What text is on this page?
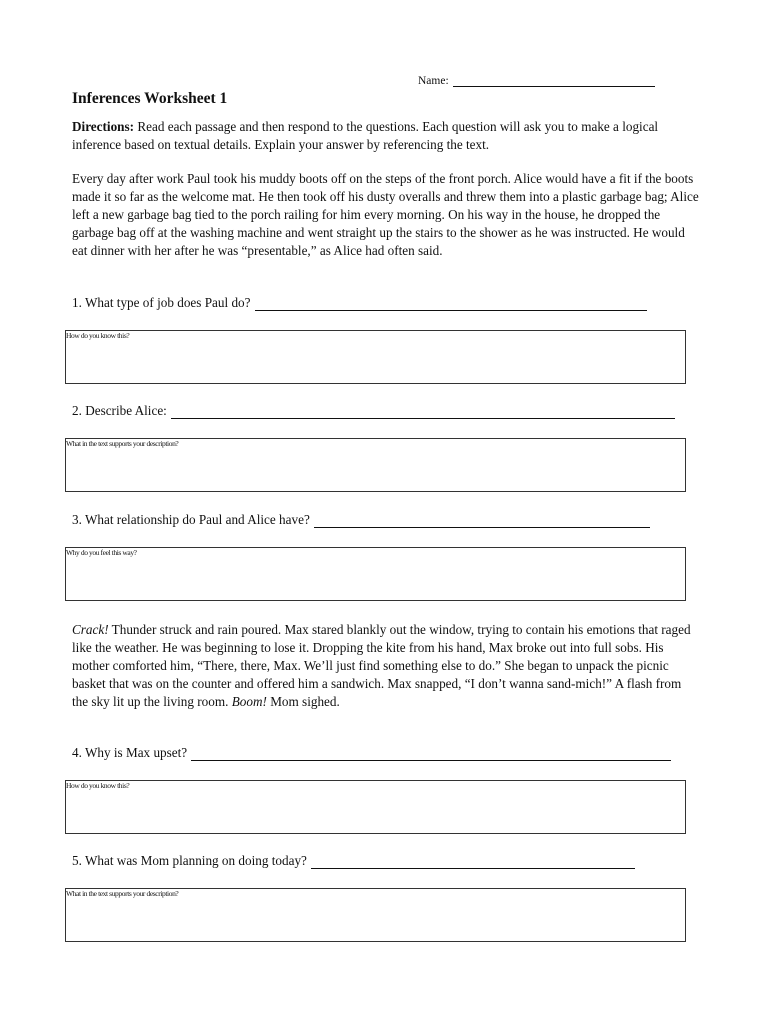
Name:
Inferences Worksheet 1

Directions: Read each passage and then respond to the questions. Each question will ask you to make a logical inference based on textual details. Explain your answer by referencing the text.

Every day after work Paul took his muddy boots off on the steps of the front porch. Alice would have a fit if the boots made it so far as the welcome mat. He then took off his dusty overalls and threw them into a plastic garbage bag; Alice left a new garbage bag tied to the porch railing for him every morning. On his way in the house, he dropped the garbage bag off at the washing machine and went straight up the stairs to the shower as he was instructed. He would eat dinner with her after he was “presentable,” as Alice had often said.

1. What type of job does Paul do?
How do you know this?
2. Describe Alice:
What in the text supports your description?
3. What relationship do Paul and Alice have?
Why do you feel this way?

Crack! Thunder struck and rain poured. Max stared blankly out the window, trying to contain his emotions that raged like the weather. He was beginning to lose it. Dropping the kite from his hand, Max broke out into full sobs. His mother comforted him, “There, there, Max. We’ll just find something else to do.” She began to unpack the picnic basket that was on the counter and offered him a sandwich. Max snapped, “I don’t wanna sand-mich!” A flash from the sky lit up the living room. Boom! Mom sighed.

4. Why is Max upset?
How do you know this?
5. What was Mom planning on doing today?
What in the text supports your description?
